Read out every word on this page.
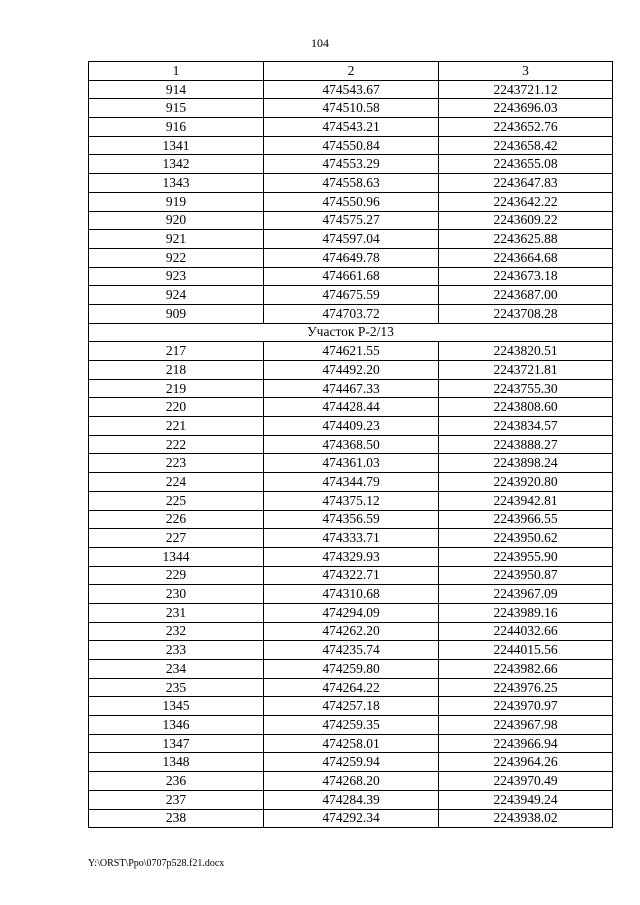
104
1	2	3
914	474543.67	2243721.12
915	474510.58	2243696.03
916	474543.21	2243652.76
1341	474550.84	2243658.42
1342	474553.29	2243655.08
1343	474558.63	2243647.83
919	474550.96	2243642.22
920	474575.27	2243609.22
921	474597.04	2243625.88
922	474649.78	2243664.68
923	474661.68	2243673.18
924	474675.59	2243687.00
909	474703.72	2243708.28
Участок Р-2/13		
217	474621.55	2243820.51
218	474492.20	2243721.81
219	474467.33	2243755.30
220	474428.44	2243808.60
221	474409.23	2243834.57
222	474368.50	2243888.27
223	474361.03	2243898.24
224	474344.79	2243920.80
225	474375.12	2243942.81
226	474356.59	2243966.55
227	474333.71	2243950.62
1344	474329.93	2243955.90
229	474322.71	2243950.87
230	474310.68	2243967.09
231	474294.09	2243989.16
232	474262.20	2244032.66
233	474235.74	2244015.56
234	474259.80	2243982.66
235	474264.22	2243976.25
1345	474257.18	2243970.97
1346	474259.35	2243967.98
1347	474258.01	2243966.94
1348	474259.94	2243964.26
236	474268.20	2243970.49
237	474284.39	2243949.24
238	474292.34	2243938.02
Y:\ORST\Ppo\0707p528.f21.docx
